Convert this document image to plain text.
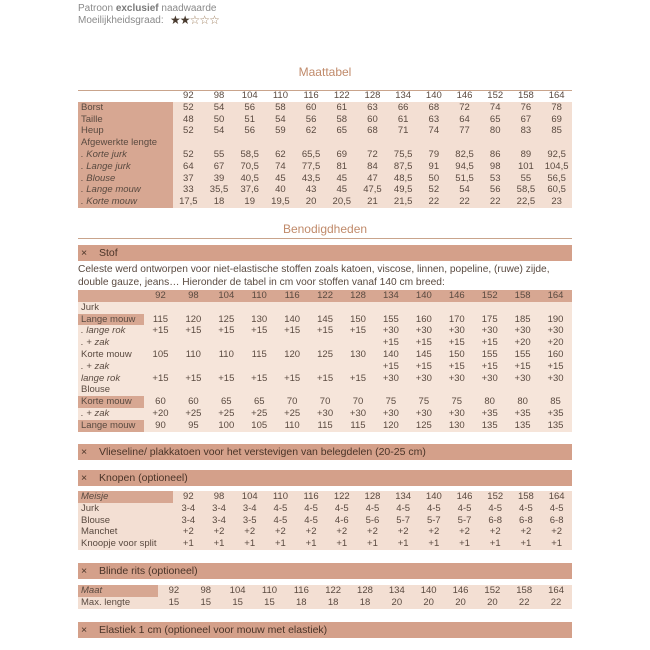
Patroon exclusief naadwaarde
Moeilijkheidsgraad: ★★☆☆☆
Maattabel
	92	98	104	110	116	122	128	134	140	146	152	158	164
Borst	52	54	56	58	60	61	63	66	68	72	74	76	78
Taille	48	50	51	54	56	58	60	61	63	64	65	67	69
Heup	52	54	56	59	62	65	68	71	74	77	80	83	85
Afgewerkte lengte													
. Korte jurk	52	55	58,5	62	65,5	69	72	75,5	79	82,5	86	89	92,5
. Lange jurk	64	67	70,5	74	77,5	81	84	87,5	91	94,5	98	101	104,5
. Blouse	37	39	40,5	45	43,5	45	47	48,5	50	51,5	53	55	56,5
. Lange mouw	33	35,5	37,6	40	43	45	47,5	49,5	52	54	56	58,5	60,5
. Korte mouw	17,5	18	19	19,5	20	20,5	21	21,5	22	22	22	22,5	23
Benodigdheden
× Stof
Celeste werd ontworpen voor niet-elastische stoffen zoals katoen, viscose, linnen, popeline, (ruwe) zijde, double gauze, jeans… Hieronder de tabel in cm voor stoffen vanaf 140 cm breed:
	92	98	104	110	116	122	128	134	140	146	152	158	164
Jurk													
Lange mouw	115	120	125	130	140	145	150	155	160	170	175	185	190
. lange rok	+15	+15	+15	+15	+15	+15	+15	+30	+30	+30	+30	+30	+30
. + zak								+15	+15	+15	+15	+20	+20
Korte mouw	105	110	110	115	120	125	130	140	145	150	155	155	160
. + zak								+15	+15	+15	+15	+15	+15
lange rok	+15	+15	+15	+15	+15	+15	+15	+30	+30	+30	+30	+30	+30
Blouse													
Korte mouw	60	60	65	65	70	70	70	75	75	75	80	80	85
. + zak	+20	+25	+25	+25	+25	+30	+30	+30	+30	+30	+35	+35	+35
Lange mouw	90	95	100	105	110	115	115	120	125	130	135	135	135
× Vlieseline/ plakkatoen voor het verstevigen van belegdelen (20-25 cm)
× Knopen (optioneel)
Meisje	92	98	104	110	116	122	128	134	140	146	152	158	164
Jurk	3-4	3-4	3-4	4-5	4-5	4-5	4-5	4-5	4-5	4-5	4-5	4-5	4-5
Blouse	3-4	3-4	3-5	4-5	4-5	4-6	5-6	5-7	5-7	5-7	6-8	6-8	6-8
Manchet	+2	+2	+2	+2	+2	+2	+2	+2	+2	+2	+2	+2	+2
Knoopje voor split	+1	+1	+1	+1	+1	+1	+1	+1	+1	+1	+1	+1	+1
× Blinde rits (optioneel)
Maat	92	98	104	110	116	122	128	134	140	146	152	158	164
Max. lengte	15	15	15	15	18	18	18	20	20	20	20	22	22
× Elastiek 1 cm (optioneel voor mouw met elastiek)
